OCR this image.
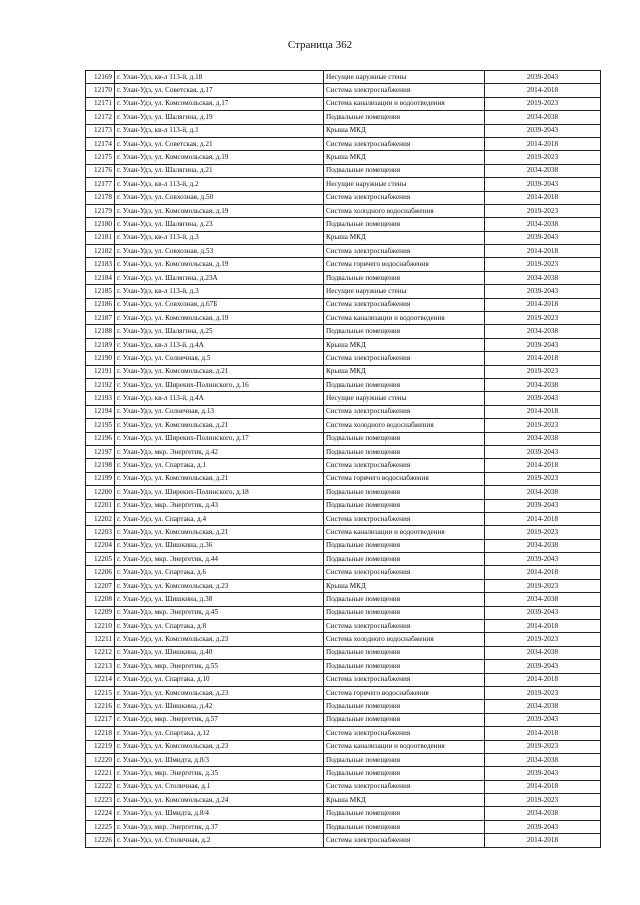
Страница 362
12169	г. Улан-Удэ, кв-л 113-й, д.18	Несущие наружные стены	2039-2043
12170	г. Улан-Удэ, ул. Советская, д.17	Система электроснабжения	2014-2018
12171	г. Улан-Удэ, ул. Комсомольская, д.17	Система канализации и водоотведения	2019-2023
12172	г. Улан-Удэ, ул. Шалягина, д.19	Подвальные помещения	2034-2038
12173	г. Улан-Удэ, кв-л 113-й, д.1	Крыша МКД	2039-2043
12174	г. Улан-Удэ, ул. Советская, д.21	Система электроснабжения	2014-2018
12175	г. Улан-Удэ, ул. Комсомольская, д.19	Крыша МКД	2019-2023
12176	г. Улан-Удэ, ул. Шалягина, д.21	Подвальные помещения	2034-2038
12177	г. Улан-Удэ, кв-л 113-й, д.2	Несущие наружные стены	2039-2043
12178	г. Улан-Удэ, ул. Совхозная, д.50	Система электроснабжения	2014-2018
12179	г. Улан-Удэ, ул. Комсомольская, д.19	Система холодного водоснабжения	2019-2023
12180	г. Улан-Удэ, ул. Шалягина, д.23	Подвальные помещения	2034-2038
12181	г. Улан-Удэ, кв-л 113-й, д.3	Крыша МКД	2039-2043
12182	г. Улан-Удэ, ул. Совхозная, д.53	Система электроснабжения	2014-2018
12183	г. Улан-Удэ, ул. Комсомольская, д.19	Система горячего водоснабжения	2019-2023
12184	г. Улан-Удэ, ул. Шалягина, д.23А	Подвальные помещения	2034-2038
12185	г. Улан-Удэ, кв-л 113-й, д.3	Несущие наружные стены	2039-2043
12186	г. Улан-Удэ, ул. Совхозная, д.67Б	Система электроснабжения	2014-2018
12187	г. Улан-Удэ, ул. Комсомольская, д.19	Система канализации и водоотведения	2019-2023
12188	г. Улан-Удэ, ул. Шалягина, д.25	Подвальные помещения	2034-2038
12189	г. Улан-Удэ, кв-л 113-й, д.4А	Крыша МКД	2039-2043
12190	г. Улан-Удэ, ул. Солнечная, д.5	Система электроснабжения	2014-2018
12191	г. Улан-Удэ, ул. Комсомольская, д.21	Крыша МКД	2019-2023
12192	г. Улан-Удэ, ул. Ширеких-Полинского, д.16	Подвальные помещения	2034-2038
12193	г. Улан-Удэ, кв-л 113-й, д.4А	Несущие наружные стены	2039-2043
12194	г. Улан-Удэ, ул. Солнечная, д.13	Система электроснабжения	2014-2018
12195	г. Улан-Удэ, ул. Комсомольская, д.21	Система холодного водоснабжения	2019-2023
12196	г. Улан-Удэ, ул. Ширеких-Полинского, д.17	Подвальные помещения	2034-2038
12197	г. Улан-Удэ, мкр. Энергетик, д.42	Подвальные помещения	2039-2043
12198	г. Улан-Удэ, ул. Спартака, д.1	Система электроснабжения	2014-2018
12199	г. Улан-Удэ, ул. Комсомольская, д.21	Система горячего водоснабжения	2019-2023
12200	г. Улан-Удэ, ул. Ширеких-Полинского, д.18	Подвальные помещения	2034-2038
12201	г. Улан-Удэ, мкр. Энергетик, д.43	Подвальные помещения	2039-2043
12202	г. Улан-Удэ, ул. Спартака, д.4	Система электроснабжения	2014-2018
12203	г. Улан-Удэ, ул. Комсомольская, д.21	Система канализации и водоотведения	2019-2023
12204	г. Улан-Удэ, ул. Шишкина, д.36	Подвальные помещения	2034-2038
12205	г. Улан-Удэ, мкр. Энергетик, д.44	Подвальные помещения	2039-2043
12206	г. Улан-Удэ, ул. Спартака, д.6	Система электроснабжения	2014-2018
12207	г. Улан-Удэ, ул. Комсомольская, д.23	Крыша МКД	2019-2023
12208	г. Улан-Удэ, ул. Шишкина, д.38	Подвальные помещения	2034-2038
12209	г. Улан-Удэ, мкр. Энергетик, д.45	Подвальные помещения	2039-2043
12210	г. Улан-Удэ, ул. Спартака, д.8	Система электроснабжения	2014-2018
12211	г. Улан-Удэ, ул. Комсомольская, д.23	Система холодного водоснабжения	2019-2023
12212	г. Улан-Удэ, ул. Шишкина, д.40	Подвальные помещения	2034-2038
12213	г. Улан-Удэ, мкр. Энергетик, д.55	Подвальные помещения	2039-2043
12214	г. Улан-Удэ, ул. Спартака, д.10	Система электроснабжения	2014-2018
12215	г. Улан-Удэ, ул. Комсомольская, д.23	Система горячего водоснабжения	2019-2023
12216	г. Улан-Удэ, ул. Шишкина, д.42	Подвальные помещения	2034-2038
12217	г. Улан-Удэ, мкр. Энергетик, д.57	Подвальные помещения	2039-2043
12218	г. Улан-Удэ, ул. Спартака, д.12	Система электроснабжения	2014-2018
12219	г. Улан-Удэ, ул. Комсомольская, д.23	Система канализации и водоотведения	2019-2023
12220	г. Улан-Удэ, ул. Шмидта, д.8/3	Подвальные помещения	2034-2038
12221	г. Улан-Удэ, мкр. Энергетик, д.35	Подвальные помещения	2039-2043
12222	г. Улан-Удэ, ул. Столичная, д.1	Система электроснабжения	2014-2018
12223	г. Улан-Удэ, ул. Комсомольская, д.24	Крыша МКД	2019-2023
12224	г. Улан-Удэ, ул. Шмидта, д.8/4	Подвальные помещения	2034-2038
12225	г. Улан-Удэ, мкр. Энергетик, д.37	Подвальные помещения	2039-2043
12226	г. Улан-Удэ, ул. Столичная, д.2	Система электроснабжения	2014-2018
